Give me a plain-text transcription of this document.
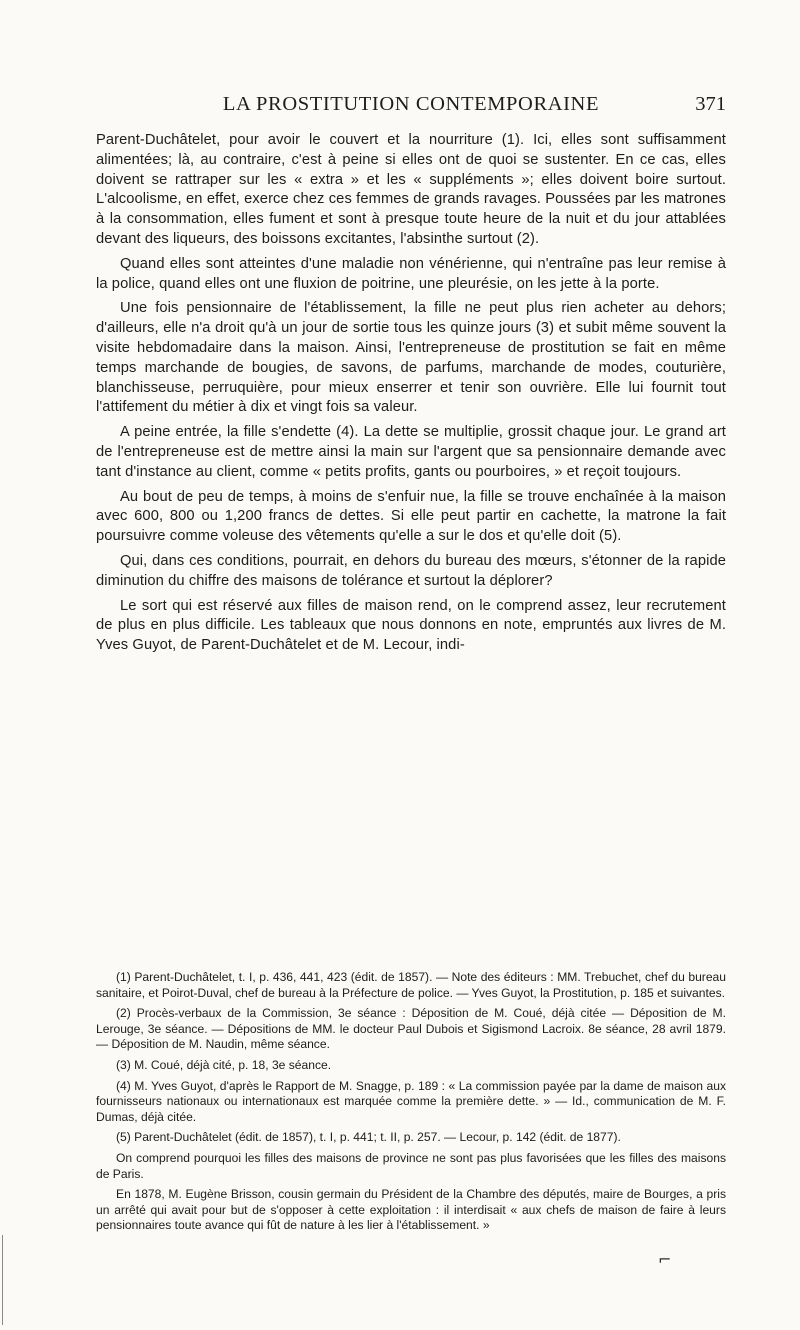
LA PROSTITUTION CONTEMPORAINE	371

Parent-Duchâtelet, pour avoir le couvert et la nourriture (1). Ici, elles sont suffisamment alimentées; là, au contraire, c'est à peine si elles ont de quoi se sustenter. En ce cas, elles doivent se rattraper sur les « extra » et les « suppléments »; elles doivent boire surtout. L'alcoolisme, en effet, exerce chez ces femmes de grands ravages. Poussées par les matrones à la consommation, elles fument et sont à presque toute heure de la nuit et du jour attablées devant des liqueurs, des boissons excitantes, l'absinthe surtout (2).

Quand elles sont atteintes d'une maladie non vénérienne, qui n'entraîne pas leur remise à la police, quand elles ont une fluxion de poitrine, une pleurésie, on les jette à la porte.

Une fois pensionnaire de l'établissement, la fille ne peut plus rien acheter au dehors; d'ailleurs, elle n'a droit qu'à un jour de sortie tous les quinze jours (3) et subit même souvent la visite hebdomadaire dans la maison. Ainsi, l'entrepreneuse de prostitution se fait en même temps marchande de bougies, de savons, de parfums, marchande de modes, couturière, blanchisseuse, perruquière, pour mieux enserrer et tenir son ouvrière. Elle lui fournit tout l'attifement du métier à dix et vingt fois sa valeur.

A peine entrée, la fille s'endette (4). La dette se multiplie, grossit chaque jour. Le grand art de l'entrepreneuse est de mettre ainsi la main sur l'argent que sa pensionnaire demande avec tant d'instance au client, comme « petits profits, gants ou pourboires, » et reçoit toujours.

Au bout de peu de temps, à moins de s'enfuir nue, la fille se trouve enchaînée à la maison avec 600, 800 ou 1,200 francs de dettes. Si elle peut partir en cachette, la matrone la fait poursuivre comme voleuse des vêtements qu'elle a sur le dos et qu'elle doit (5).

Qui, dans ces conditions, pourrait, en dehors du bureau des mœurs, s'étonner de la rapide diminution du chiffre des maisons de tolérance et surtout la déplorer?

Le sort qui est réservé aux filles de maison rend, on le comprend assez, leur recrutement de plus en plus difficile. Les tableaux que nous donnons en note, empruntés aux livres de M. Yves Guyot, de Parent-Duchâtelet et de M. Lecour, indi-

(1) Parent-Duchâtelet, t. I, p. 436, 441, 423 (édit. de 1857). — Note des éditeurs : MM. Trebuchet, chef du bureau sanitaire, et Poirot-Duval, chef de bureau à la Préfecture de police. — Yves Guyot, la Prostitution, p. 185 et suivantes.

(2) Procès-verbaux de la Commission, 3e séance : Déposition de M. Coué, déjà citée — Déposition de M. Lerouge, 3e séance. — Dépositions de MM. le docteur Paul Dubois et Sigismond Lacroix. 8e séance, 28 avril 1879. — Déposition de M. Naudin, même séance.

(3) M. Coué, déjà cité, p. 18, 3e séance.

(4) M. Yves Guyot, d'après le Rapport de M. Snagge, p. 189 : « La commission payée par la dame de maison aux fournisseurs nationaux ou internationaux est marquée comme la première dette. » — Id., communication de M. F. Dumas, déjà citée.

(5) Parent-Duchâtelet (édit. de 1857), t. I, p. 441; t. II, p. 257. — Lecour, p. 142 (édit. de 1877).

On comprend pourquoi les filles des maisons de province ne sont pas plus favorisées que les filles des maisons de Paris.

En 1878, M. Eugène Brisson, cousin germain du Président de la Chambre des députés, maire de Bourges, a pris un arrêté qui avait pour but de s'opposer à cette exploitation : il interdisait « aux chefs de maison de faire à leurs pensionnaires toute avance qui fût de nature à les lier à l'établissement. »

⌐
